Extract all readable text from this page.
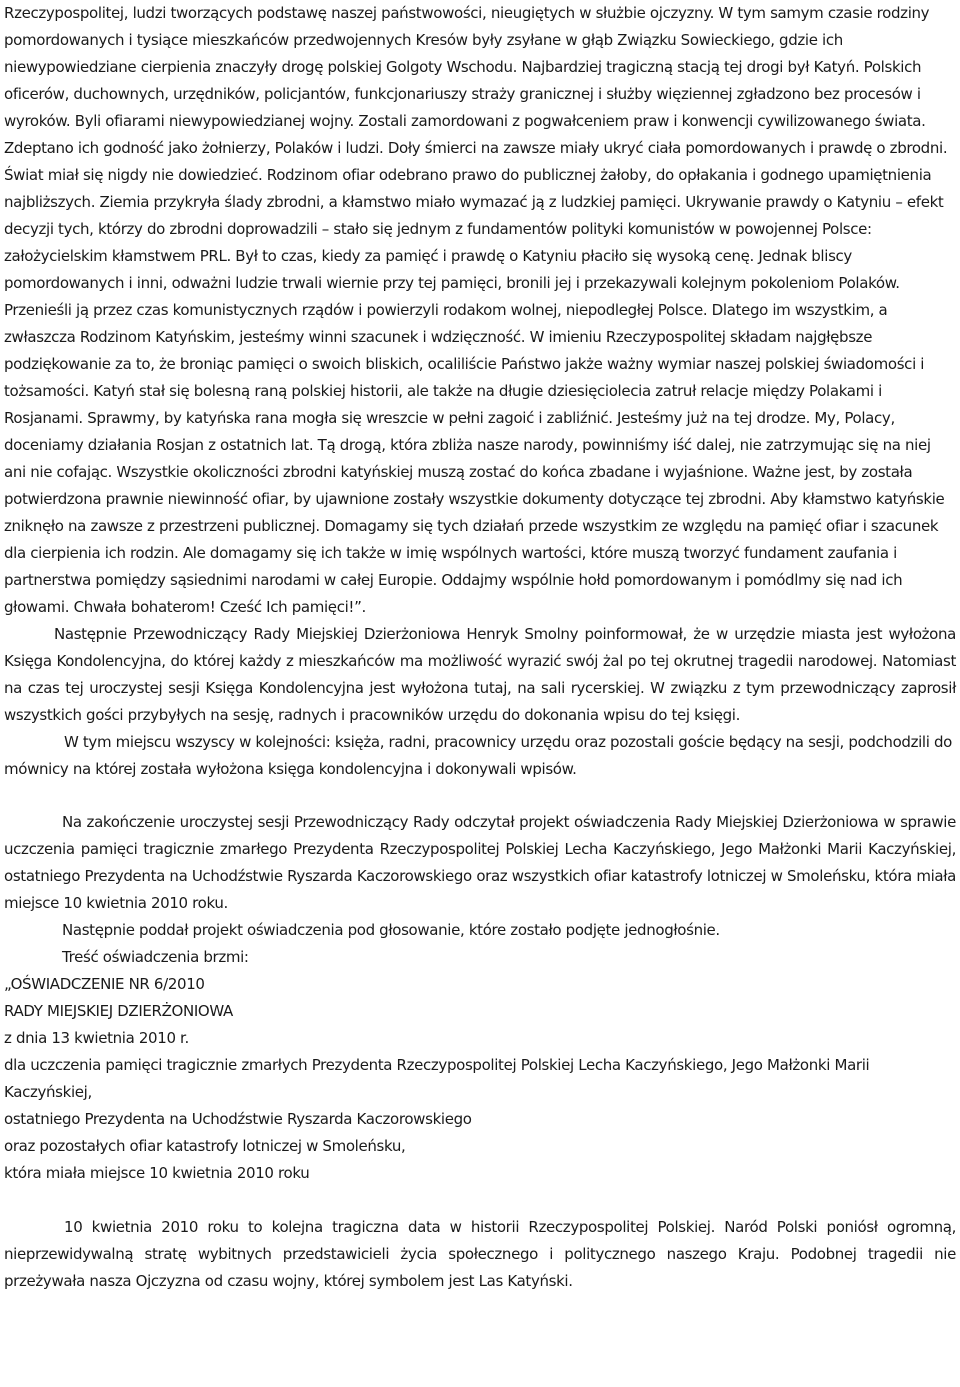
Rzeczypospolitej, ludzi tworzących podstawę naszej państwowości, nieugiętych w służbie ojczyzny. W tym samym czasie rodziny pomordowanych i tysiące mieszkańców przedwojennych Kresów były zsyłane w głąb Związku Sowieckiego, gdzie ich niewypowiedziane cierpienia znaczyły drogę polskiej Golgoty Wschodu. Najbardziej tragiczną stacją tej drogi był Katyń. Polskich oficerów, duchownych, urzędników, policjantów, funkcjonariuszy straży granicznej i służby więziennej zgładzono bez procesów i wyroków. Byli ofiarami niewypowiedzianej wojny. Zostali zamordowani z pogwałceniem praw i konwencji cywilizowanego świata. Zdeptano ich godność jako żołnierzy, Polaków i ludzi. Doły śmierci na zawsze miały ukryć ciała pomordowanych i prawdę o zbrodni. Świat miał się nigdy nie dowiedzieć. Rodzinom ofiar odebrano prawo do publicznej żałoby, do opłakania i godnego upamiętnienia najbliższych. Ziemia przykryła ślady zbrodni, a kłamstwo miało wymazać ją z ludzkiej pamięci. Ukrywanie prawdy o Katyniu – efekt decyzji tych, którzy do zbrodni doprowadzili – stało się jednym z fundamentów polityki komunistów w powojennej Polsce: założycielskim kłamstwem PRL. Był to czas, kiedy za pamięć i prawdę o Katyniu płaciło się wysoką cenę. Jednak bliscy pomordowanych i inni, odważni ludzie trwali wiernie przy tej pamięci, bronili jej i przekazywali kolejnym pokoleniom Polaków. Przenieśli ją przez czas komunistycznych rządów i powierzyli rodakom wolnej, niepodległej Polsce. Dlatego im wszystkim, a zwłaszcza Rodzinom Katyńskim, jesteśmy winni szacunek i wdzięczność. W imieniu Rzeczypospolitej składam najgłębsze podziękowanie za to, że broniąc pamięci o swoich bliskich, ocaliliście Państwo jakże ważny wymiar naszej polskiej świadomości i tożsamości. Katyń stał się bolesną raną polskiej historii, ale także na długie dziesięciolecia zatruł relacje między Polakami i Rosjanami. Sprawmy, by katyńska rana mogła się wreszcie w pełni zagoić i zabliźnić. Jesteśmy już na tej drodze. My, Polacy, doceniamy działania Rosjan z ostatnich lat. Tą drogą, która zbliża nasze narody, powinniśmy iść dalej, nie zatrzymując się na niej ani nie cofając. Wszystkie okoliczności zbrodni katyńskiej muszą zostać do końca zbadane i wyjaśnione. Ważne jest, by została potwierdzona prawnie niewinność ofiar, by ujawnione zostały wszystkie dokumenty dotyczące tej zbrodni. Aby kłamstwo katyńskie zniknęło na zawsze z przestrzeni publicznej. Domagamy się tych działań przede wszystkim ze względu na pamięć ofiar i szacunek dla cierpienia ich rodzin. Ale domagamy się ich także w imię wspólnych wartości, które muszą tworzyć fundament zaufania i partnerstwa pomiędzy sąsiednimi narodami w całej Europie. Oddajmy wspólnie hołd pomordowanym i pomódlmy się nad ich głowami. Chwała bohaterom! Cześć Ich pamięci!”.

Następnie Przewodniczący Rady Miejskiej Dzierżoniowa Henryk Smolny poinformował, że w urzędzie miasta jest wyłożona Księga Kondolencyjna, do której każdy z mieszkańców ma możliwość wyrazić swój żal po tej okrutnej tragedii narodowej. Natomiast na czas tej uroczystej sesji Księga Kondolencyjna jest wyłożona tutaj, na sali rycerskiej. W związku z tym przewodniczący zaprosił wszystkich gości przybyłych na sesję, radnych i pracowników urzędu do dokonania wpisu do tej księgi.

W tym miejscu wszyscy w kolejności: księża, radni, pracownicy urzędu oraz pozostali goście będący na sesji, podchodzili do mównicy na której została wyłożona księga kondolencyjna i dokonywali wpisów.

Na zakończenie uroczystej sesji Przewodniczący Rady odczytał projekt oświadczenia Rady Miejskiej Dzierżoniowa w sprawie uczczenia pamięci tragicznie zmarłego Prezydenta Rzeczypospolitej Polskiej Lecha Kaczyńskiego, Jego Małżonki Marii Kaczyńskiej, ostatniego Prezydenta na Uchodźstwie Ryszarda Kaczorowskiego oraz wszystkich ofiar katastrofy lotniczej w Smoleńsku, która miała miejsce 10 kwietnia 2010 roku.

Następnie poddał projekt oświadczenia pod głosowanie, które zostało podjęte jednogłośnie.

Treść oświadczenia brzmi:

„OŚWIADCZENIE NR 6/2010

RADY MIEJSKIEJ DZIERŻONIOWA

z dnia 13 kwietnia 2010 r.

dla uczczenia pamięci tragicznie zmarłych Prezydenta Rzeczypospolitej Polskiej Lecha Kaczyńskiego, Jego Małżonki Marii Kaczyńskiej,

ostatniego Prezydenta na Uchodźstwie Ryszarda Kaczorowskiego

oraz pozostałych ofiar katastrofy lotniczej w Smoleńsku,

która miała miejsce 10 kwietnia 2010 roku

10 kwietnia 2010 roku to kolejna tragiczna data w historii Rzeczypospolitej Polskiej. Naród Polski poniósł ogromną, nieprzewidywalną stratę wybitnych przedstawicieli życia społecznego i politycznego naszego Kraju. Podobnej tragedii nie przeżywała nasza Ojczyzna od czasu wojny, której symbolem jest Las Katyński.
